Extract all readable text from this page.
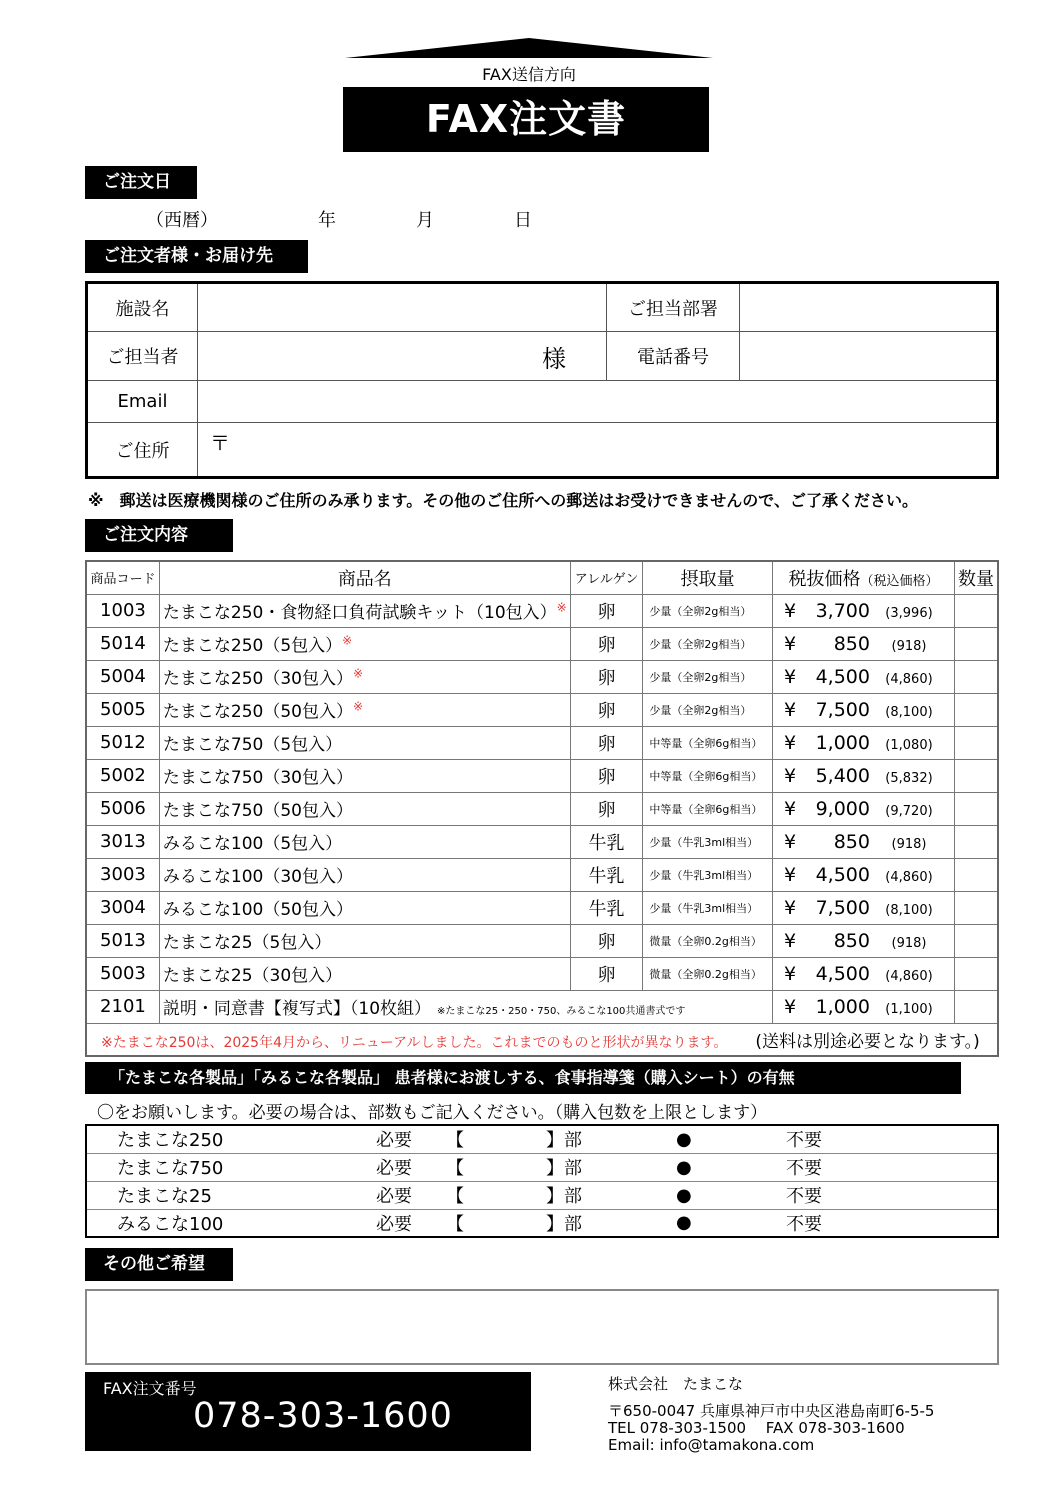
FAX送信方向
FAX注文書
ご注文日
（西暦）	年	月	日
ご注文者様・お届け先
施設名		ご担当部署	
ご担当者	様	電話番号	
Email			
ご住所	〒		
※　郵送は医療機関様のご住所のみ承ります。その他のご住所への郵送はお受けできませんので、ご了承ください。
ご注文内容
商品コード	商品名	アレルゲン	摂取量	税抜価格（税込価格）	数量
1003	たまこな250・食物経口負荷試験キット（10包入）※	卵	少量（全卵2g相当）	¥ 3,700 (3,996)	
5014	たまこな250（5包入）※	卵	少量（全卵2g相当）	¥ 850 (918)	
5004	たまこな250（30包入）※	卵	少量（全卵2g相当）	¥ 4,500 (4,860)	
5005	たまこな250（50包入）※	卵	少量（全卵2g相当）	¥ 7,500 (8,100)	
5012	たまこな750（5包入）	卵	中等量（全卵6g相当）	¥ 1,000 (1,080)	
5002	たまこな750（30包入）	卵	中等量（全卵6g相当）	¥ 5,400 (5,832)	
5006	たまこな750（50包入）	卵	中等量（全卵6g相当）	¥ 9,000 (9,720)	
3013	みるこな100（5包入）	牛乳	少量（牛乳3ml相当）	¥ 850 (918)	
3003	みるこな100（30包入）	牛乳	少量（牛乳3ml相当）	¥ 4,500 (4,860)	
3004	みるこな100（50包入）	牛乳	少量（牛乳3ml相当）	¥ 7,500 (8,100)	
5013	たまこな25（5包入）	卵	微量（全卵0.2g相当）	¥ 850 (918)	
5003	たまこな25（30包入）	卵	微量（全卵0.2g相当）	¥ 4,500 (4,860)	
2101	説明・同意書【複写式】（10枚組） ※たまこな25・250・750、みるこな100共通書式です			¥ 1,000 (1,100)	
※たまこな250は、2025年4月から、リニューアルしました。これまでのものと形状が異なります。 (送料は別途必要となります。)					
「たまこな各製品」「みるこな各製品」 患者様にお渡しする、食事指導箋（購入シート）の有無
〇をお願いします。必要の場合は、部数もご記入ください。（購入包数を上限とします）
たまこな250	必要	【		】部	●	不要
たまこな750	必要	【		】部	●	不要
たまこな25	必要	【		】部	●	不要
みるこな100	必要	【		】部	●	不要
その他ご希望
FAX注文番号
078-303-1600
株式会社　たまこな
〒650-0047 兵庫県神戸市中央区港島南町6-5-5
TEL 078-303-1500　 FAX 078-303-1600
Email: info@tamakona.com
